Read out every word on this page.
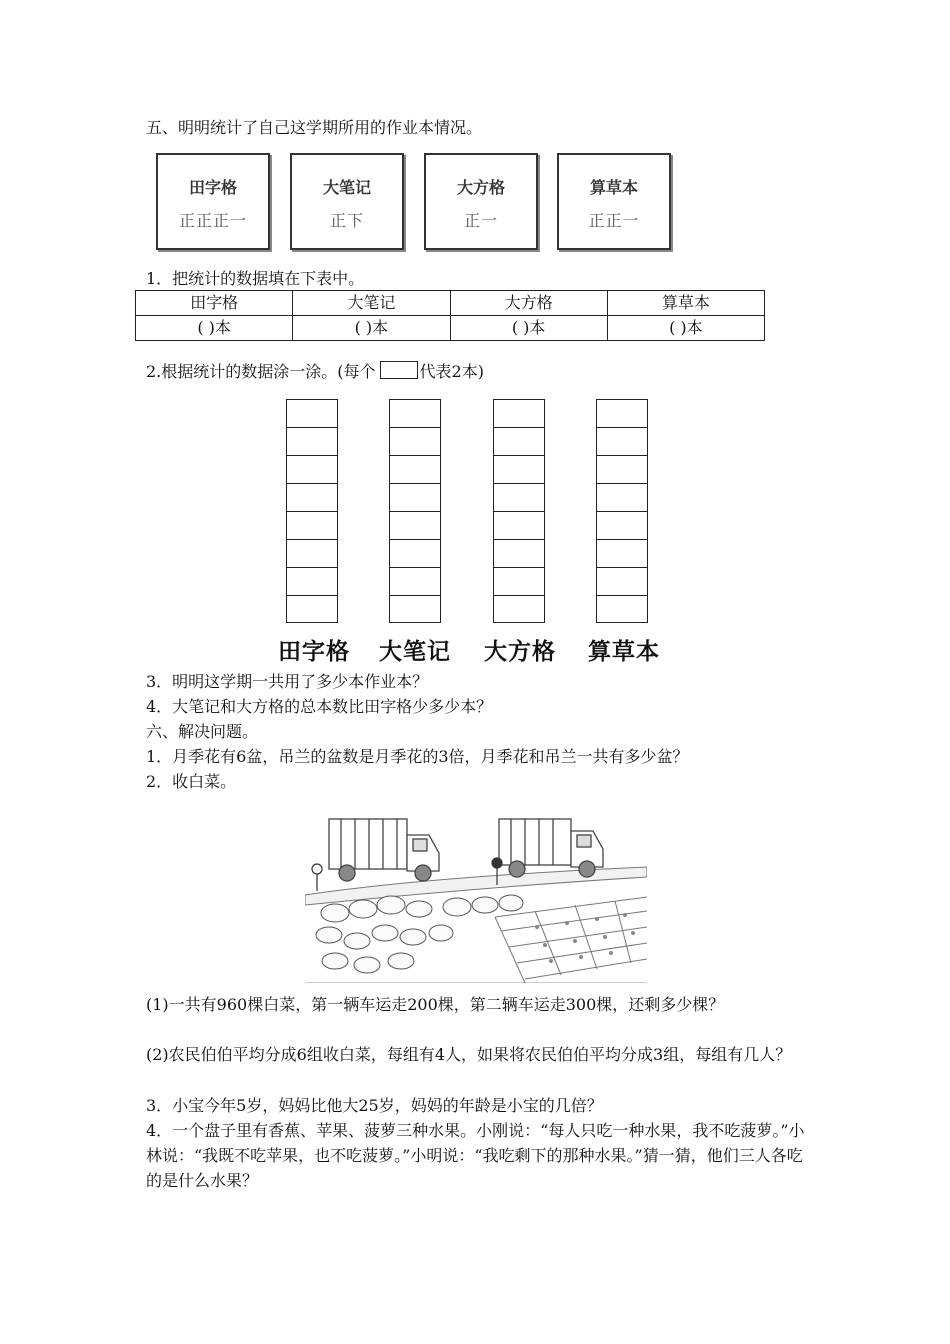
五、明明统计了自己这学期所用的作业本情况。
田字格
正正正一
大笔记
正下
大方格
正一
算草本
正正一
1．把统计的数据填在下表中。
田字格	大笔记	大方格	算草本
( )本	( )本	( )本	( )本
2.根据统计的数据涂一涂。(每个	代表2本)
田字格 大笔记 大方格 算草本
3．明明这学期一共用了多少本作业本？
4．大笔记和大方格的总本数比田字格少多少本？
六、解决问题。
1．月季花有6盆，吊兰的盆数是月季花的3倍，月季花和吊兰一共有多少盆？
2．收白菜。
(1)一共有960棵白菜，第一辆车运走200棵，第二辆车运走300棵，还剩多少棵？
(2)农民伯伯平均分成6组收白菜，每组有4人，如果将农民伯伯平均分成3组，每组有几人？
3．小宝今年5岁，妈妈比他大25岁，妈妈的年龄是小宝的几倍？
4．一个盘子里有香蕉、苹果、菠萝三种水果。小刚说：“每人只吃一种水果，我不吃菠萝。”小林说：“我既不吃苹果，也不吃菠萝。”小明说：“我吃剩下的那种水果。”猜一猜，他们三人各吃的是什么水果？
